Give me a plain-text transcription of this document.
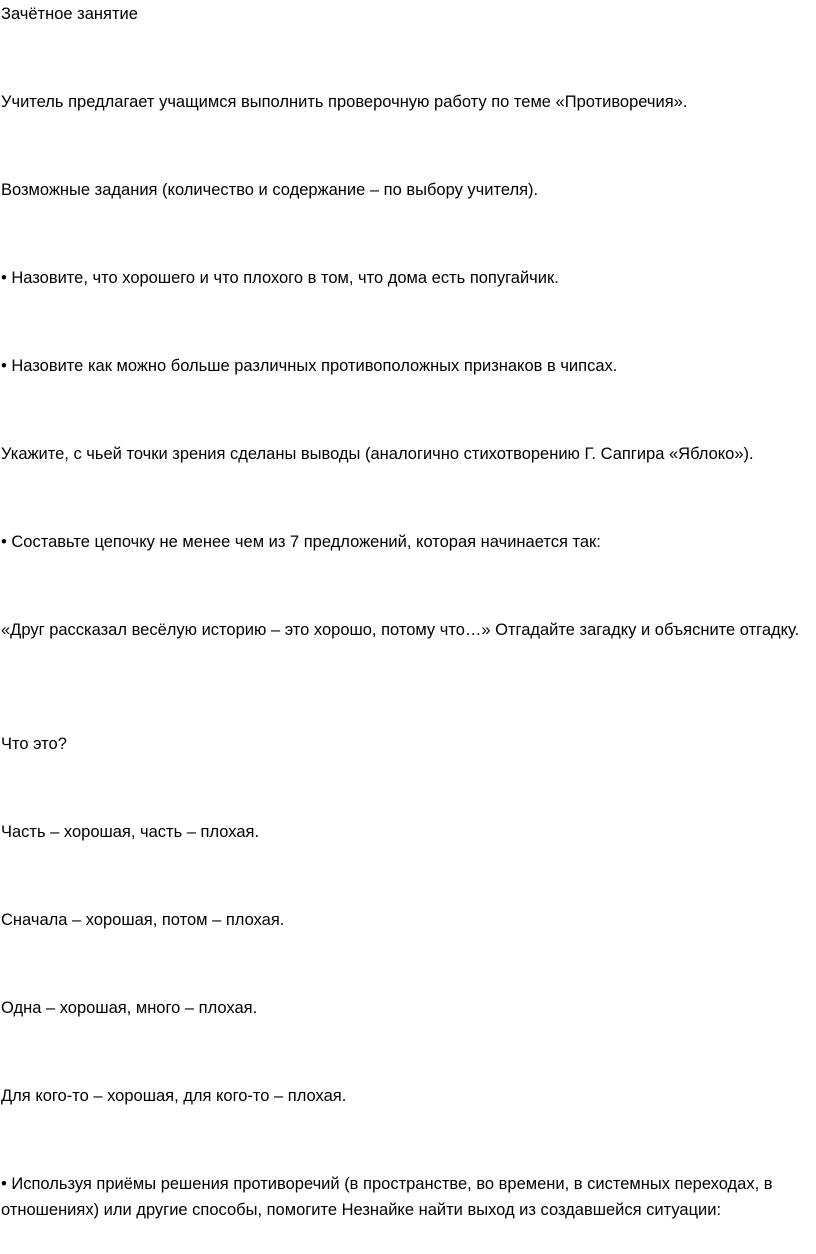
Зачётное занятие

Учитель предлагает учащимся выполнить проверочную работу по теме «Противоречия».

Возможные задания (количество и содержание – по выбору учителя).

• Назовите, что хорошего и что плохого в том, что дома есть попугайчик.

• Назовите как можно больше различных противоположных признаков в чипсах.

Укажите, с чьей точки зрения сделаны выводы (аналогично стихотворению Г. Сапгира «Яблоко»).

• Составьте цепочку не менее чем из 7 предложений, которая начинается так:

«Друг рассказал весёлую историю – это хорошо, потому что…» Отгадайте загадку и объясните отгадку.

Что это?

Часть – хорошая, часть – плохая.

Сначала – хорошая, потом – плохая.

Одна – хорошая, много – плохая.

Для кого-то – хорошая, для кого-то – плохая.

• Используя приёмы решения противоречий (в пространстве, во времени, в системных переходах, в отношениях) или другие способы, помогите Незнайке найти выход из создавшейся ситуации:
